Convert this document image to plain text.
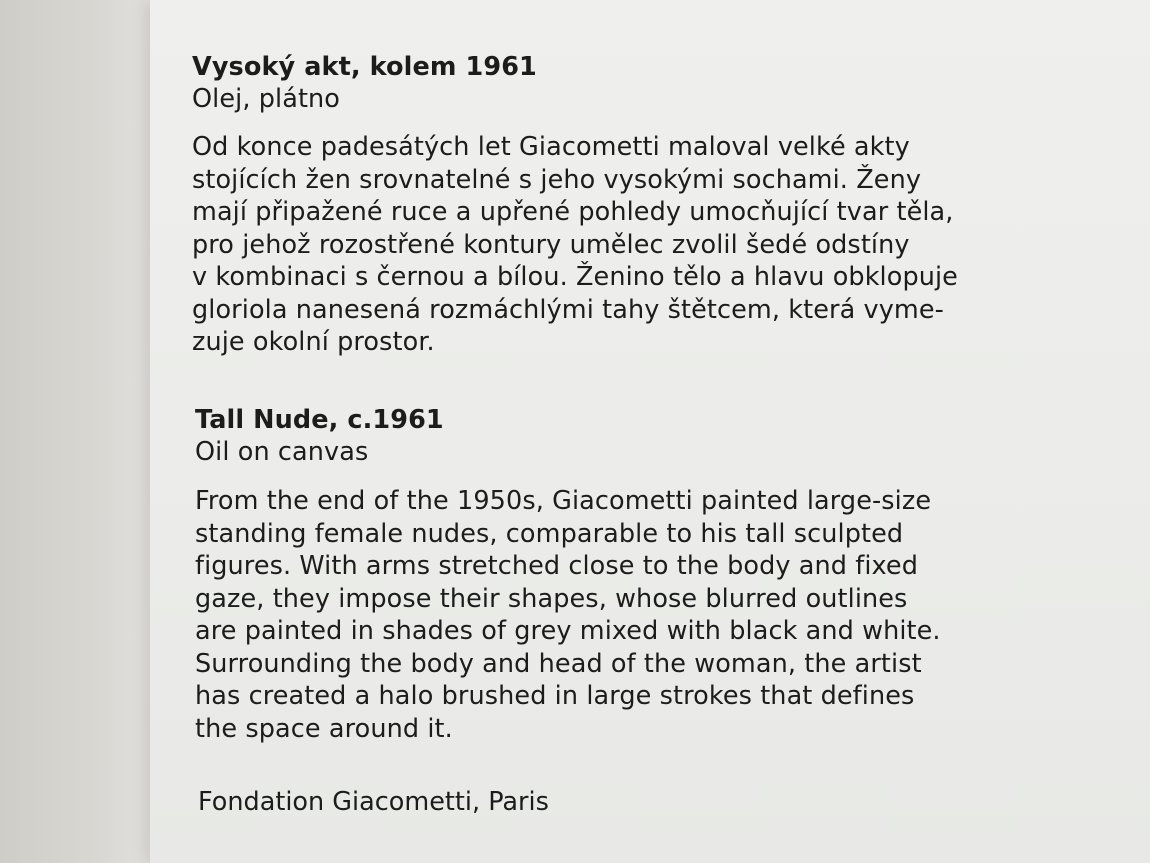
Vysoký akt, kolem 1961

Olej, plátno

Od konce padesátých let Giacometti maloval velké akty
stojících žen srovnatelné s jeho vysokými sochami. Ženy
mají připažené ruce a upřené pohledy umocňující tvar těla,
pro jehož rozostřené kontury umělec zvolil šedé odstíny
v kombinaci s černou a bílou. Ženino tělo a hlavu obklopuje
gloriola nanesená rozmáchlými tahy štětcem, která vyme-
zuje okolní prostor.

Tall Nude, c.1961

Oil on canvas

From the end of the 1950s, Giacometti painted large-size
standing female nudes, comparable to his tall sculpted
figures. With arms stretched close to the body and fixed
gaze, they impose their shapes, whose blurred outlines
are painted in shades of grey mixed with black and white.
Surrounding the body and head of the woman, the artist
has created a halo brushed in large strokes that defines
the space around it.

Fondation Giacometti, Paris
